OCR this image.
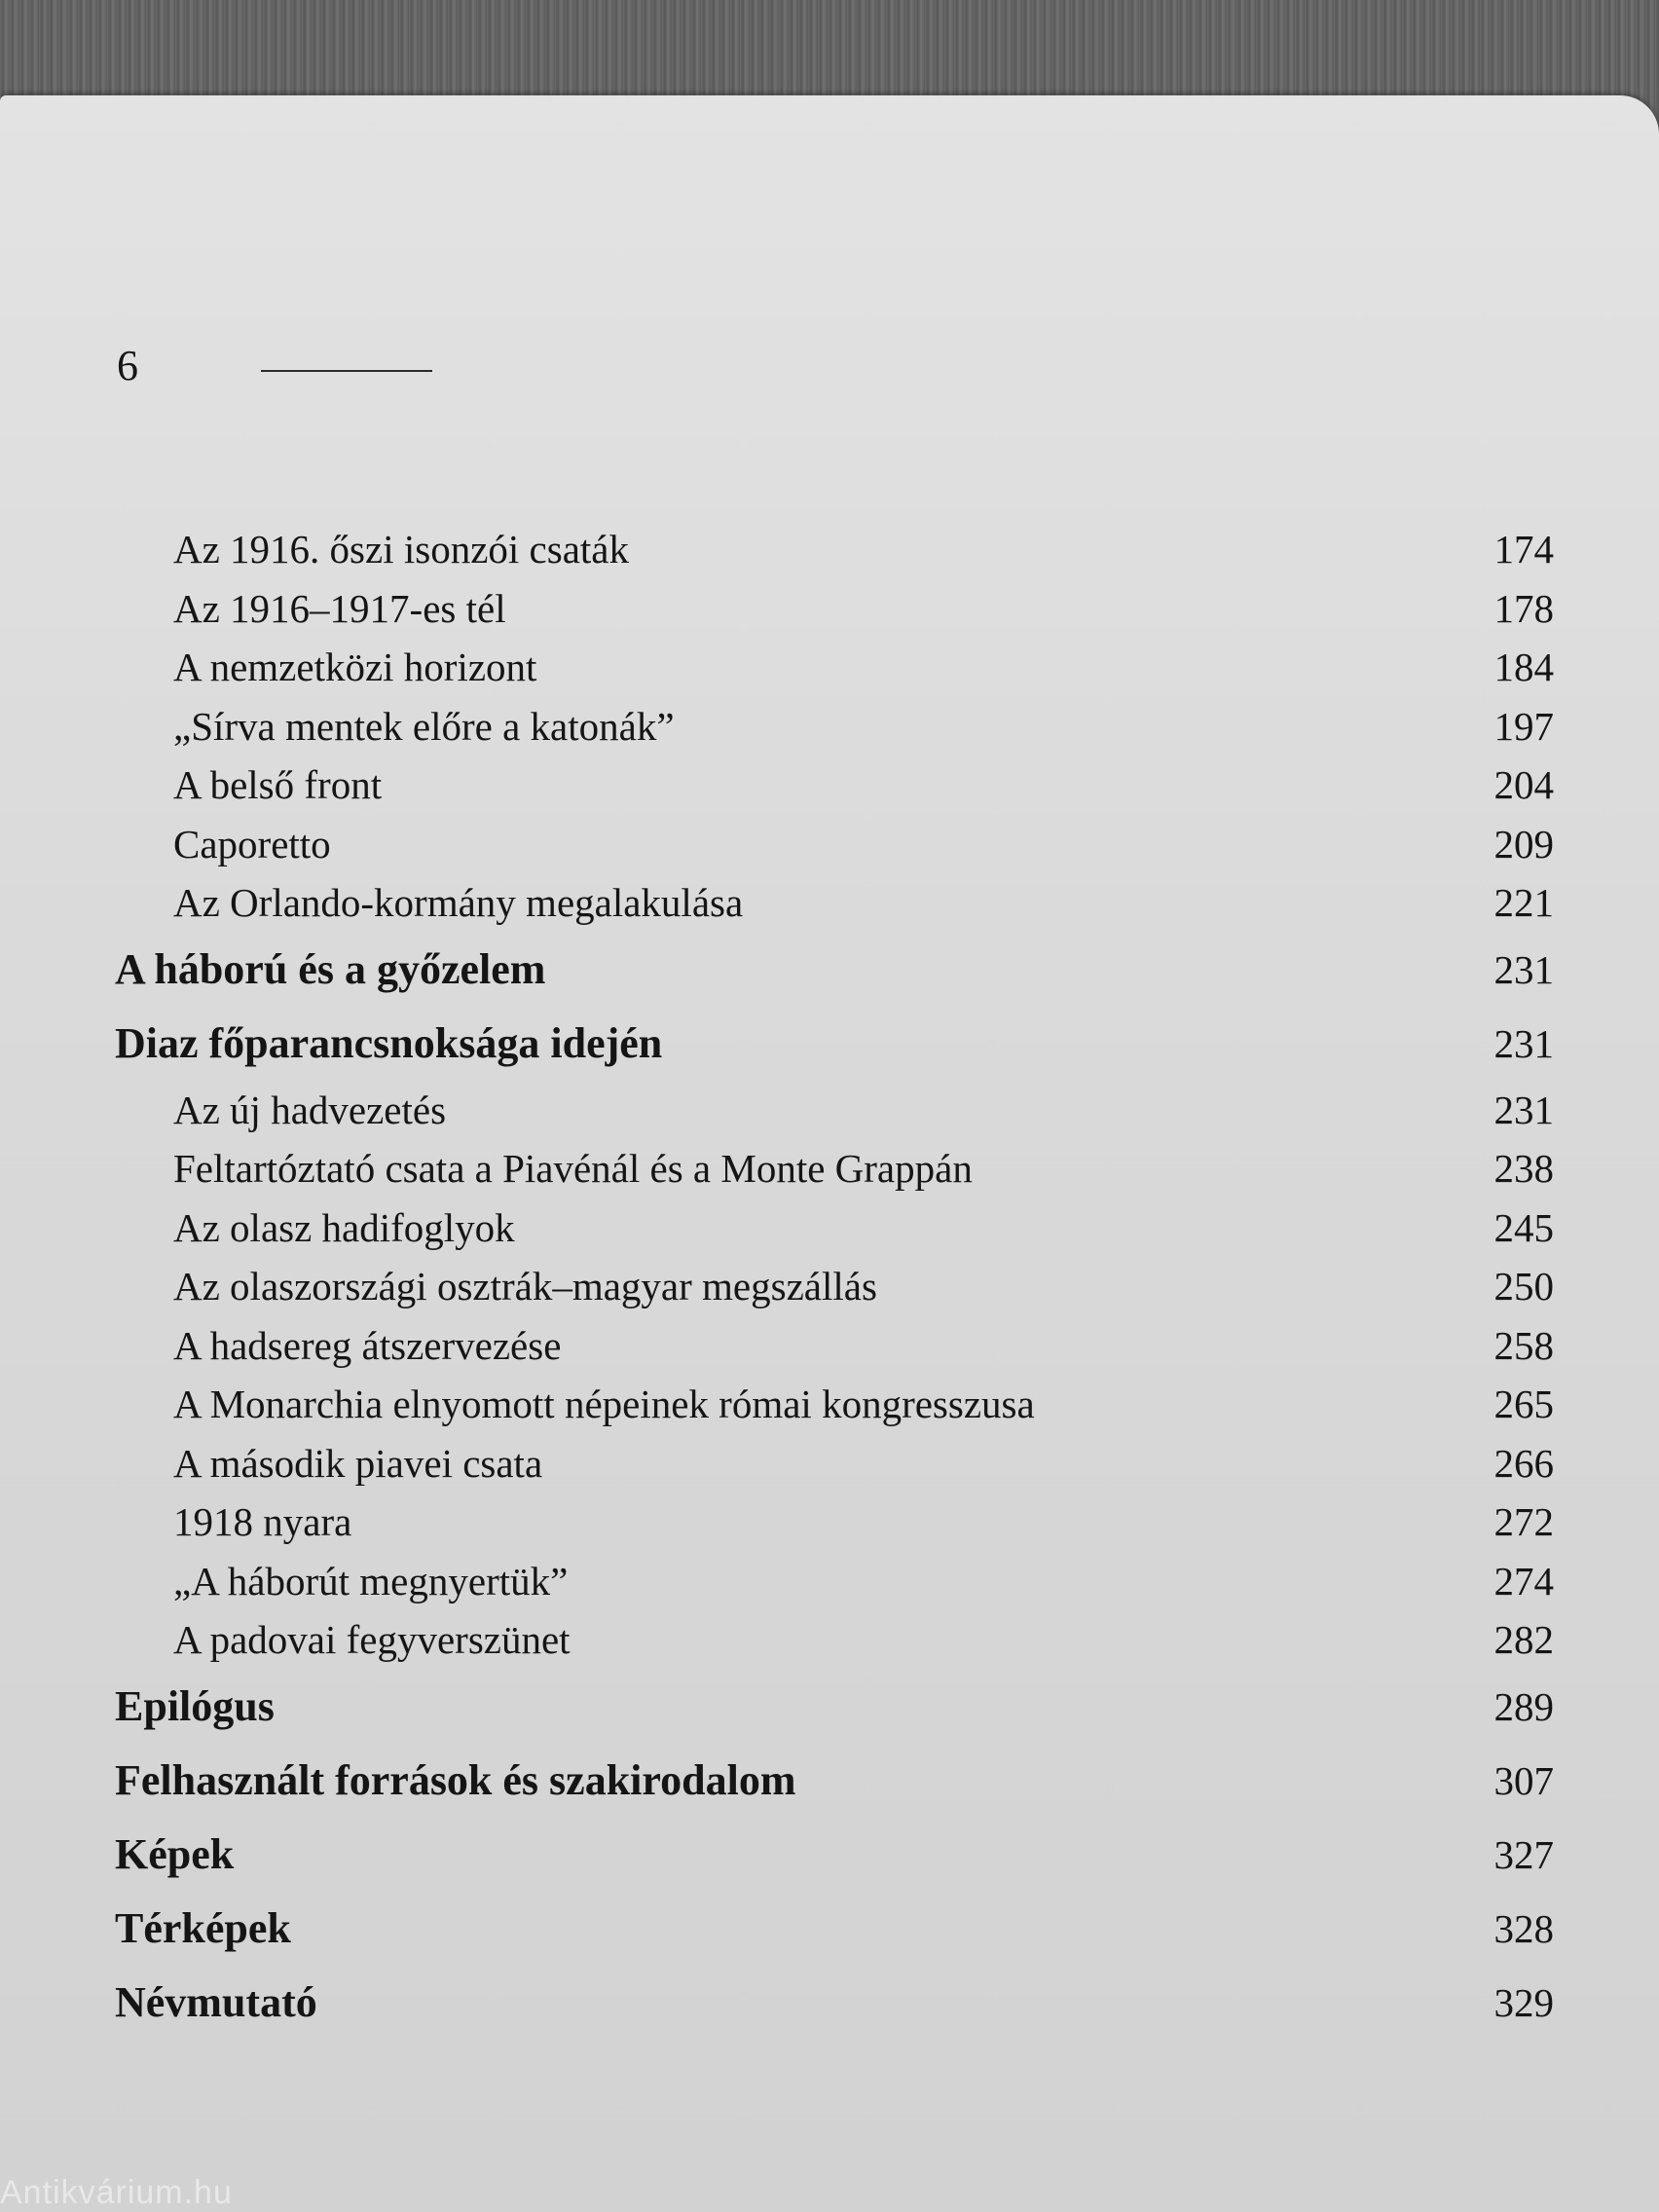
6
Az 1916. őszi isonzói csaták	174
Az 1916–1917-es tél	178
A nemzetközi horizont	184
„Sírva mentek előre a katonák”	197
A belső front	204
Caporetto	209
Az Orlando-kormány megalakulása	221
A háború és a győzelem	231
Diaz főparancsnoksága idején	231
Az új hadvezetés	231
Feltartóztató csata a Piavénál és a Monte Grappán	238
Az olasz hadifoglyok	245
Az olaszországi osztrák–magyar megszállás	250
A hadsereg átszervezése	258
A Monarchia elnyomott népeinek római kongresszusa	265
A második piavei csata	266
1918 nyara	272
„A háborút megnyertük”	274
A padovai fegyverszünet	282
Epilógus	289
Felhasznált források és szakirodalom	307
Képek	327
Térképek	328
Névmutató	329
Antikvárium.hu
